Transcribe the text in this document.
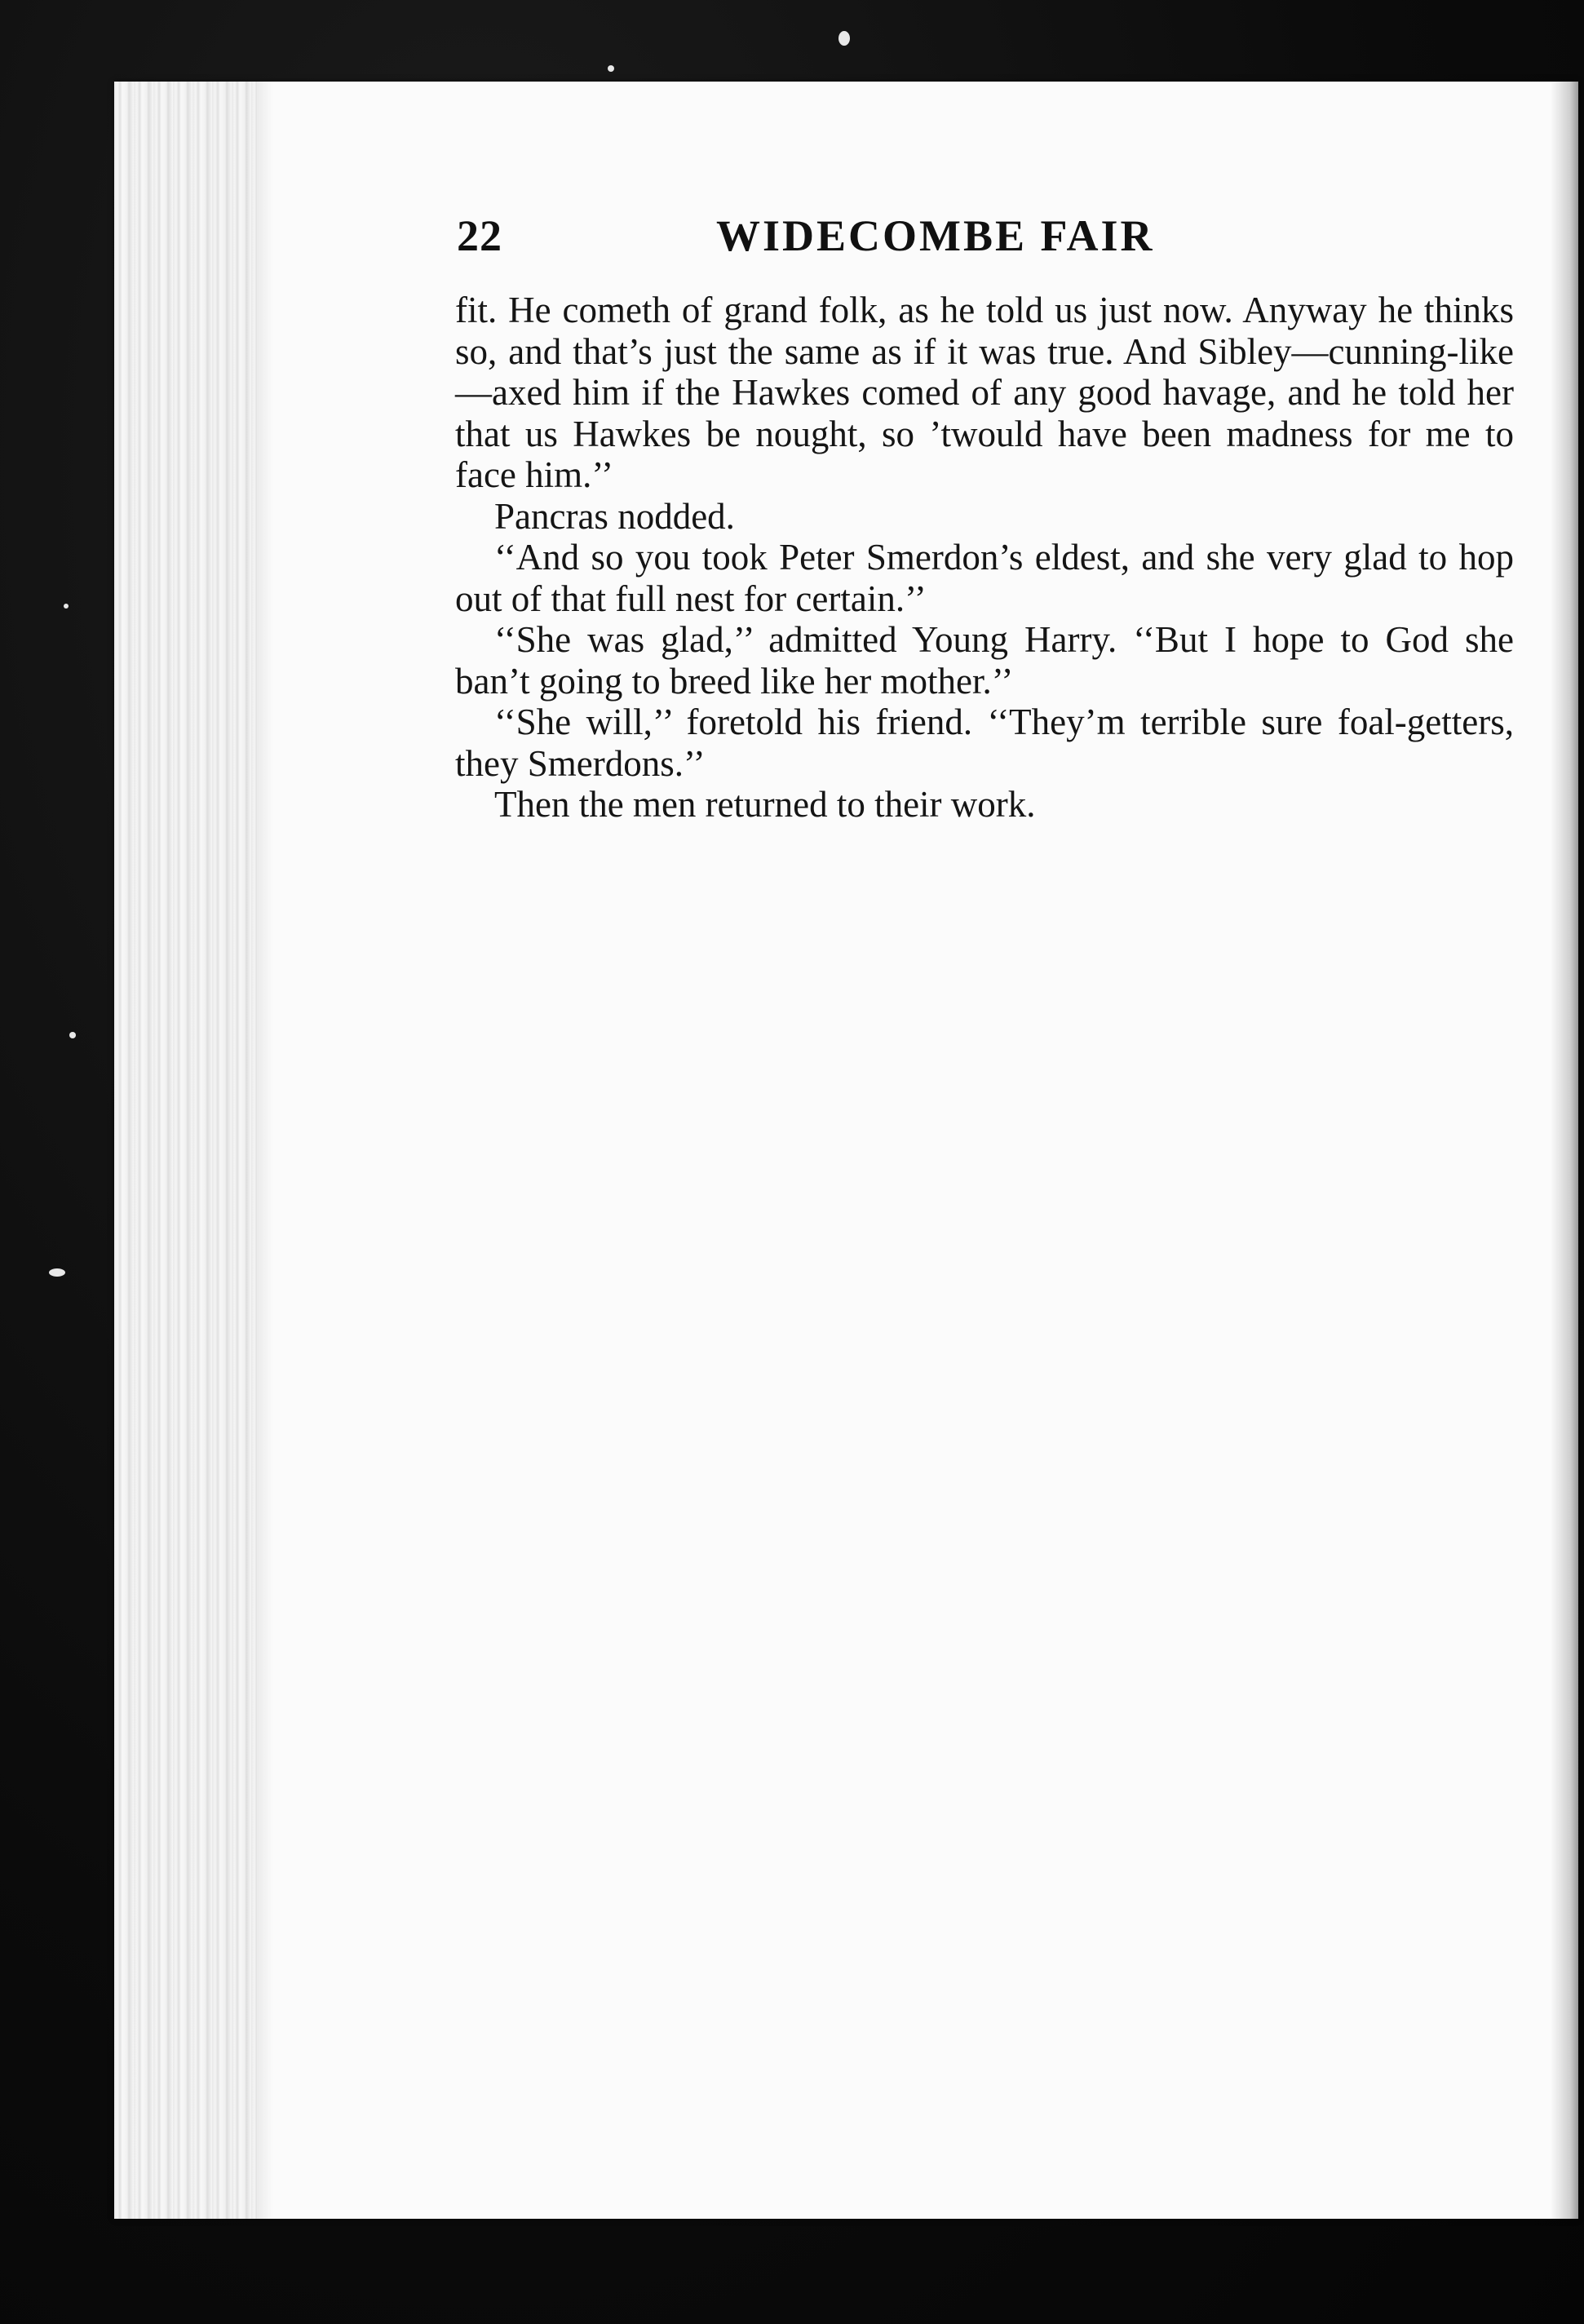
22	WIDECOMBE FAIR

fit. He cometh of grand folk, as he told us just now. Anyway he thinks so, and that’s just the same as if it was true. And Sibley—cunning-like—axed him if the Hawkes comed of any good havage, and he told her that us Hawkes be nought, so ’twould have been madness for me to face him.’’

Pancras nodded.

‘‘And so you took Peter Smerdon’s eldest, and she very glad to hop out of that full nest for certain.’’

‘‘She was glad,’’ admitted Young Harry. ‘‘But I hope to God she ban’t going to breed like her mother.’’

‘‘She will,’’ foretold his friend. ‘‘They’m terrible sure foal-getters, they Smerdons.’’

Then the men returned to their work.
